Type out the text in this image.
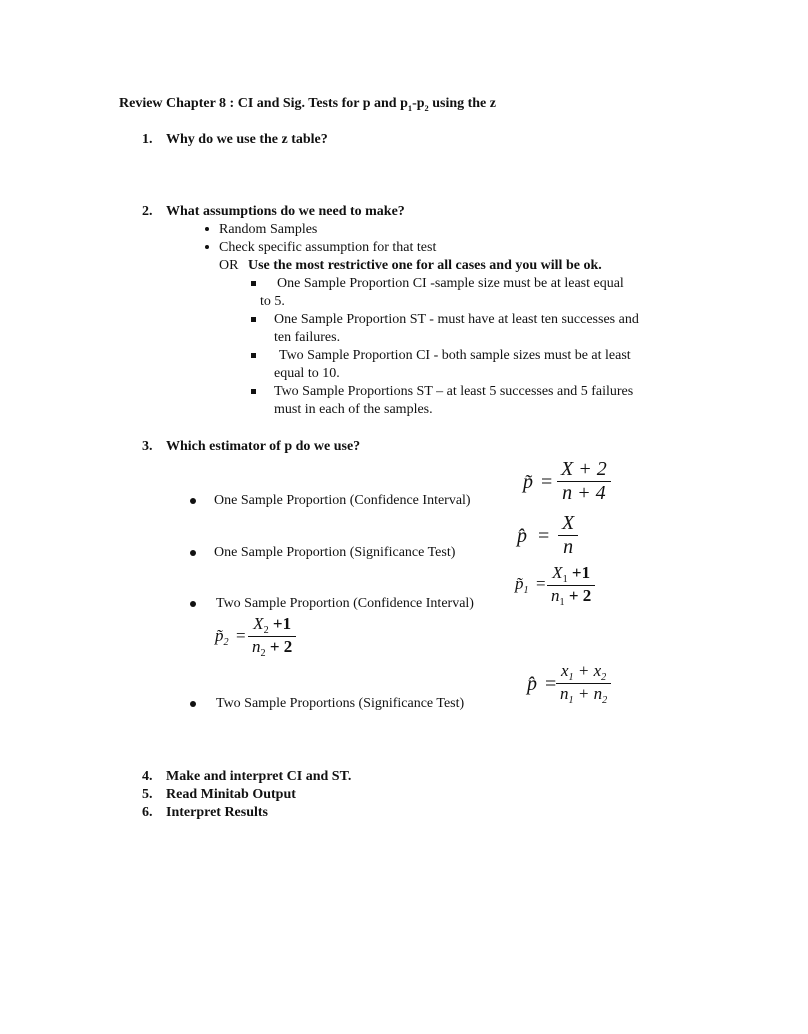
Review Chapter 8 : CI and Sig. Tests for p and $p_1-p_2$ using the z
1. Why do we use the z table?
2. What assumptions do we need to make?
Random Samples
Check specific assumption for that test
OR Use the most restrictive one for all cases and you will be ok.
One Sample Proportion CI -sample size must be at least equal
to 5.
One Sample Proportion ST - must have at least ten successes and
ten failures.
Two Sample Proportion CI - both sample sizes must be at least
equal to 10.
Two Sample Proportions ST – at least 5 successes and 5 failures
must in each of the samples.
3. Which estimator of p do we use?
p̃ = $\frac{X + 2}{n + 4}$
One Sample Proportion (Confidence Interval)
p̂ = $\frac{X}{n}$
One Sample Proportion (Significance Test)
$p̃_1 = \frac{X_1 +1}{n_1 + 2}$
Two Sample Proportion (Confidence Interval)
$p̃_2 = \frac{X_2 +1}{n_2 + 2}$
p̂ = $\frac{x_1 + x_2}{n_1 + n_2}$
Two Sample Proportions (Significance Test)
4. Make and interpret CI and ST.
5. Read Minitab Output
6. Interpret Results
